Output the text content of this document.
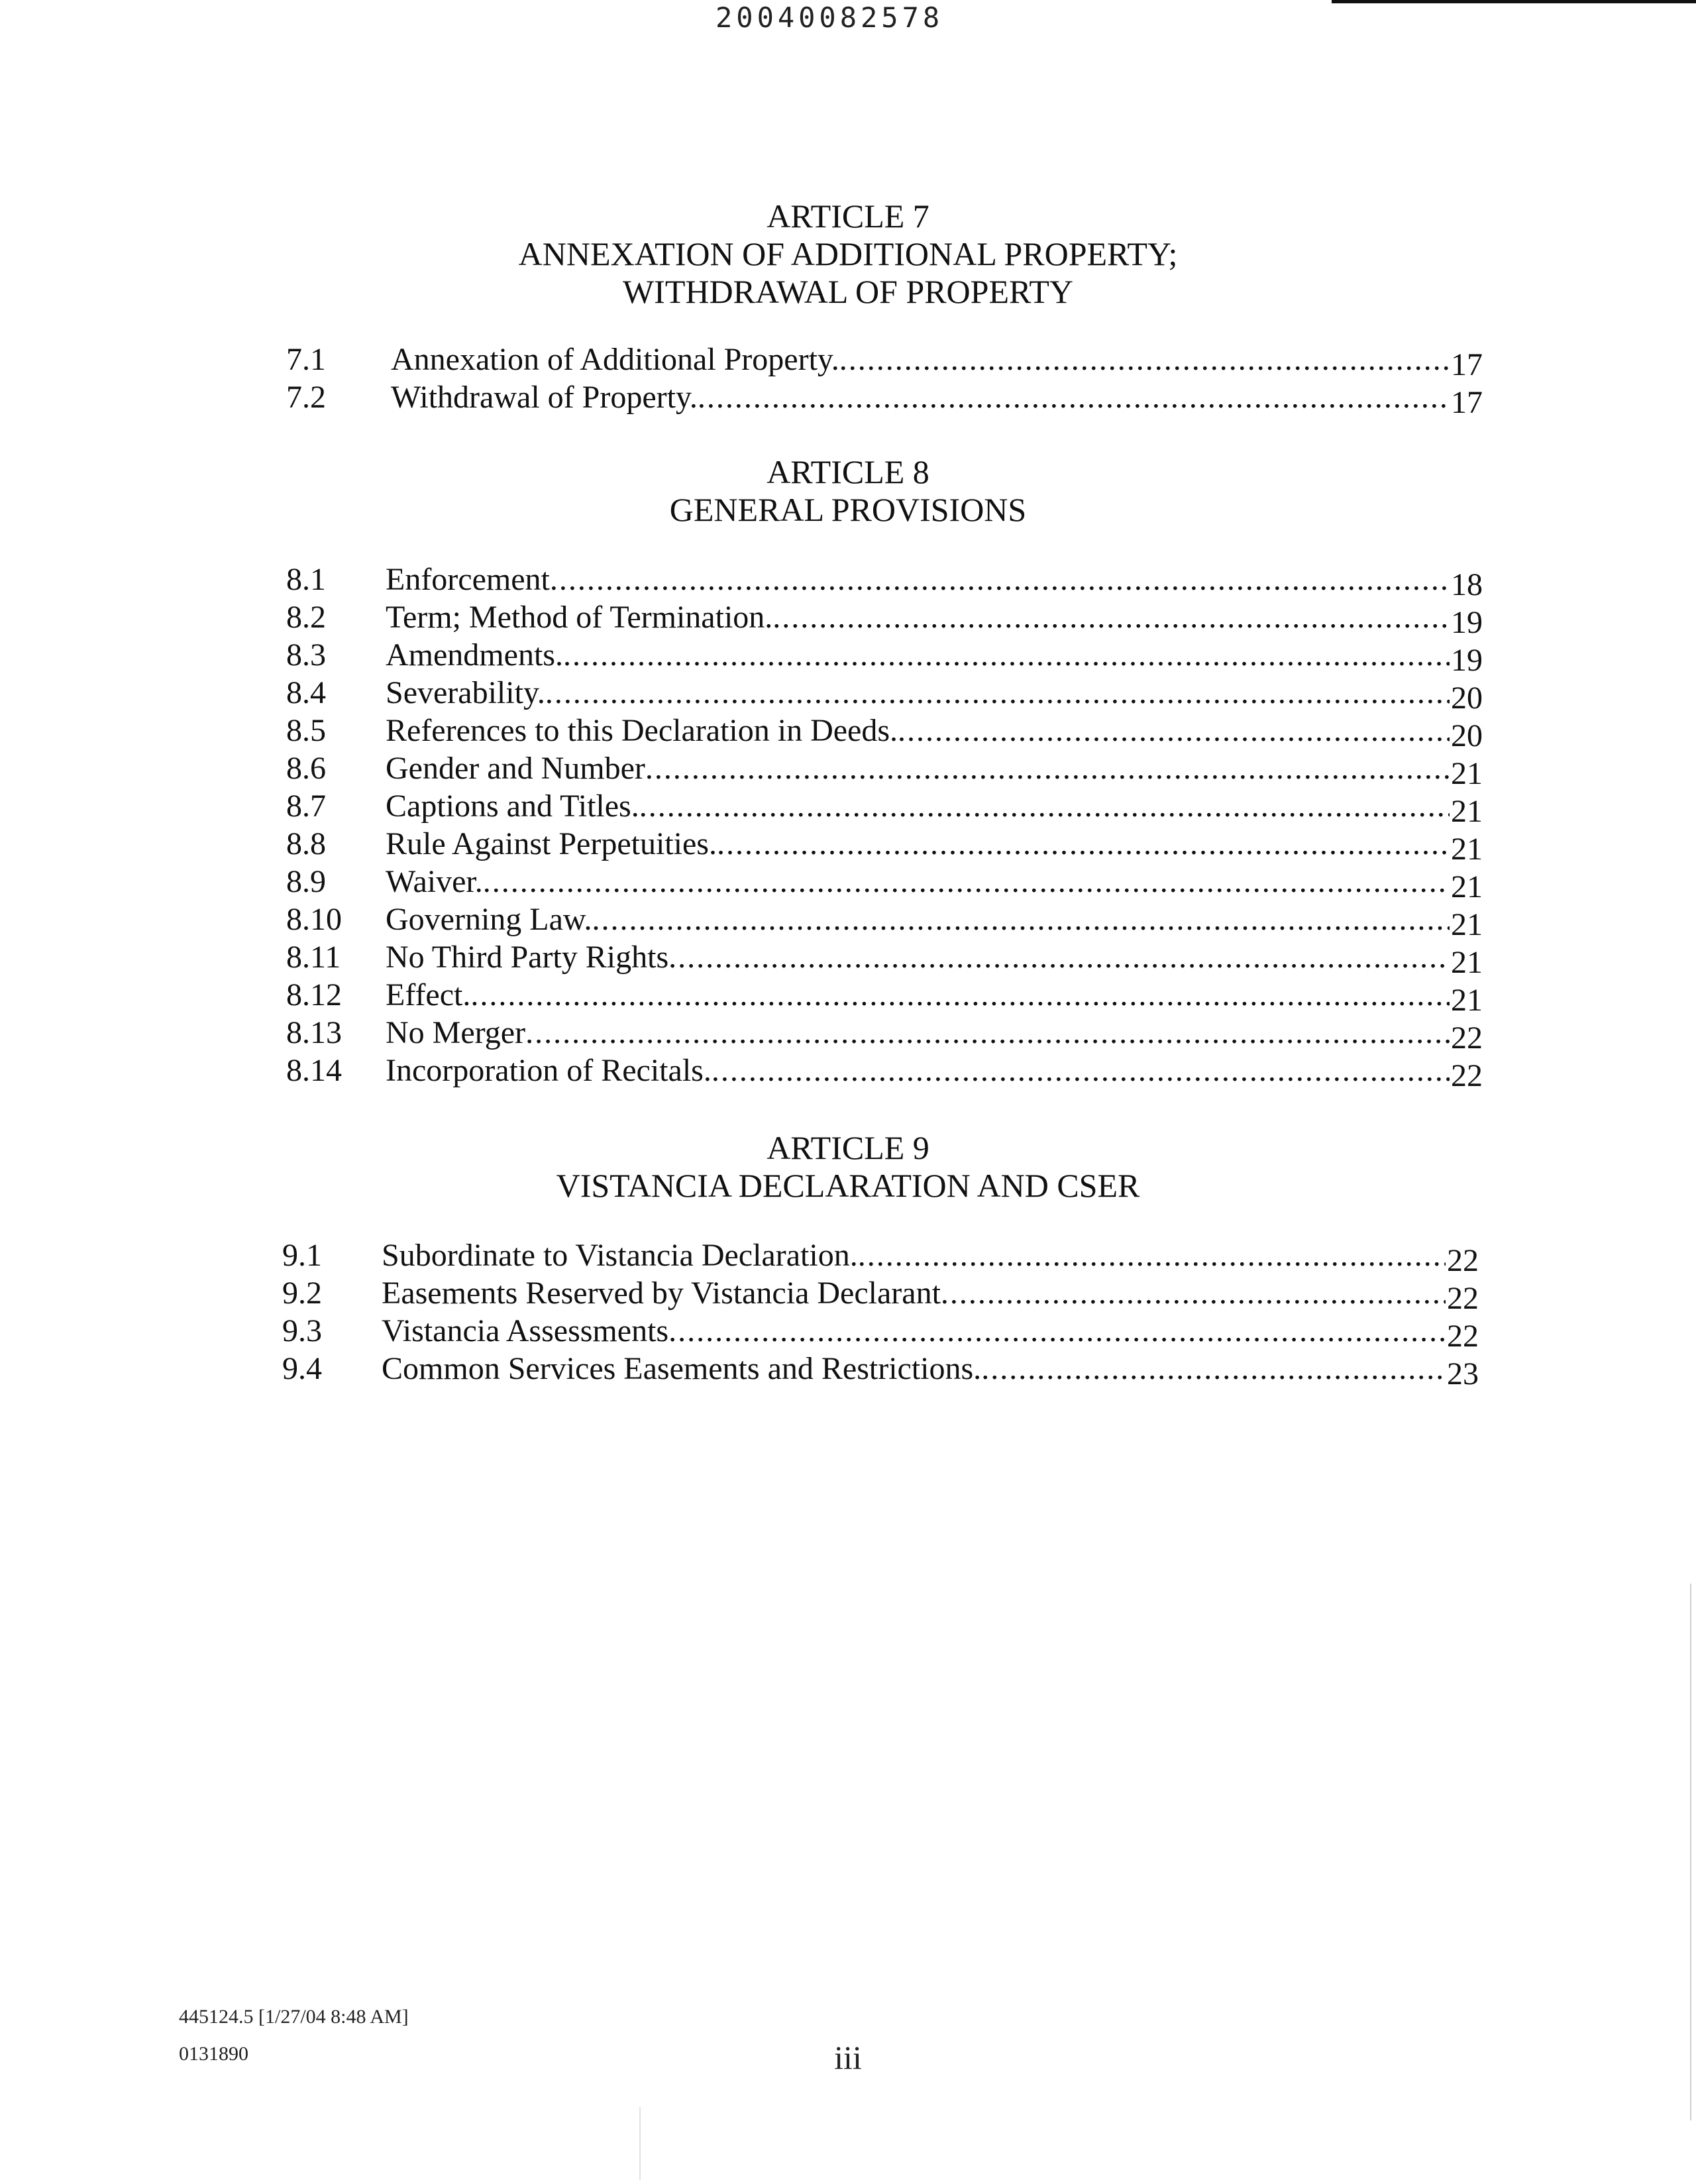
20040082578
ARTICLE 7
ANNEXATION OF ADDITIONAL PROPERTY;
WITHDRAWAL OF PROPERTY
7.1 Annexation of Additional Property. .....	17
7.2 Withdrawal of Property. .....	17
ARTICLE 8
GENERAL PROVISIONS
8.1 Enforcement .....	18
8.2 Term; Method of Termination. .....	19
8.3 Amendments. .....	19
8.4 Severability. .....	20
8.5 References to this Declaration in Deeds. .....	20
8.6 Gender and Number .....	21
8.7 Captions and Titles. .....	21
8.8 Rule Against Perpetuities. .....	21
8.9 Waiver. .....	21
8.10 Governing Law. .....	21
8.11 No Third Party Rights .....	21
8.12 Effect. .....	21
8.13 No Merger .....	22
8.14 Incorporation of Recitals. .....	22
ARTICLE 9
VISTANCIA DECLARATION AND CSER
9.1 Subordinate to Vistancia Declaration. .....	22
9.2 Easements Reserved by Vistancia Declarant .....	22
9.3 Vistancia Assessments .....	22
9.4 Common Services Easements and Restrictions. .....	23
445124.5 [1/27/04 8:48 AM]
0131890	iii
